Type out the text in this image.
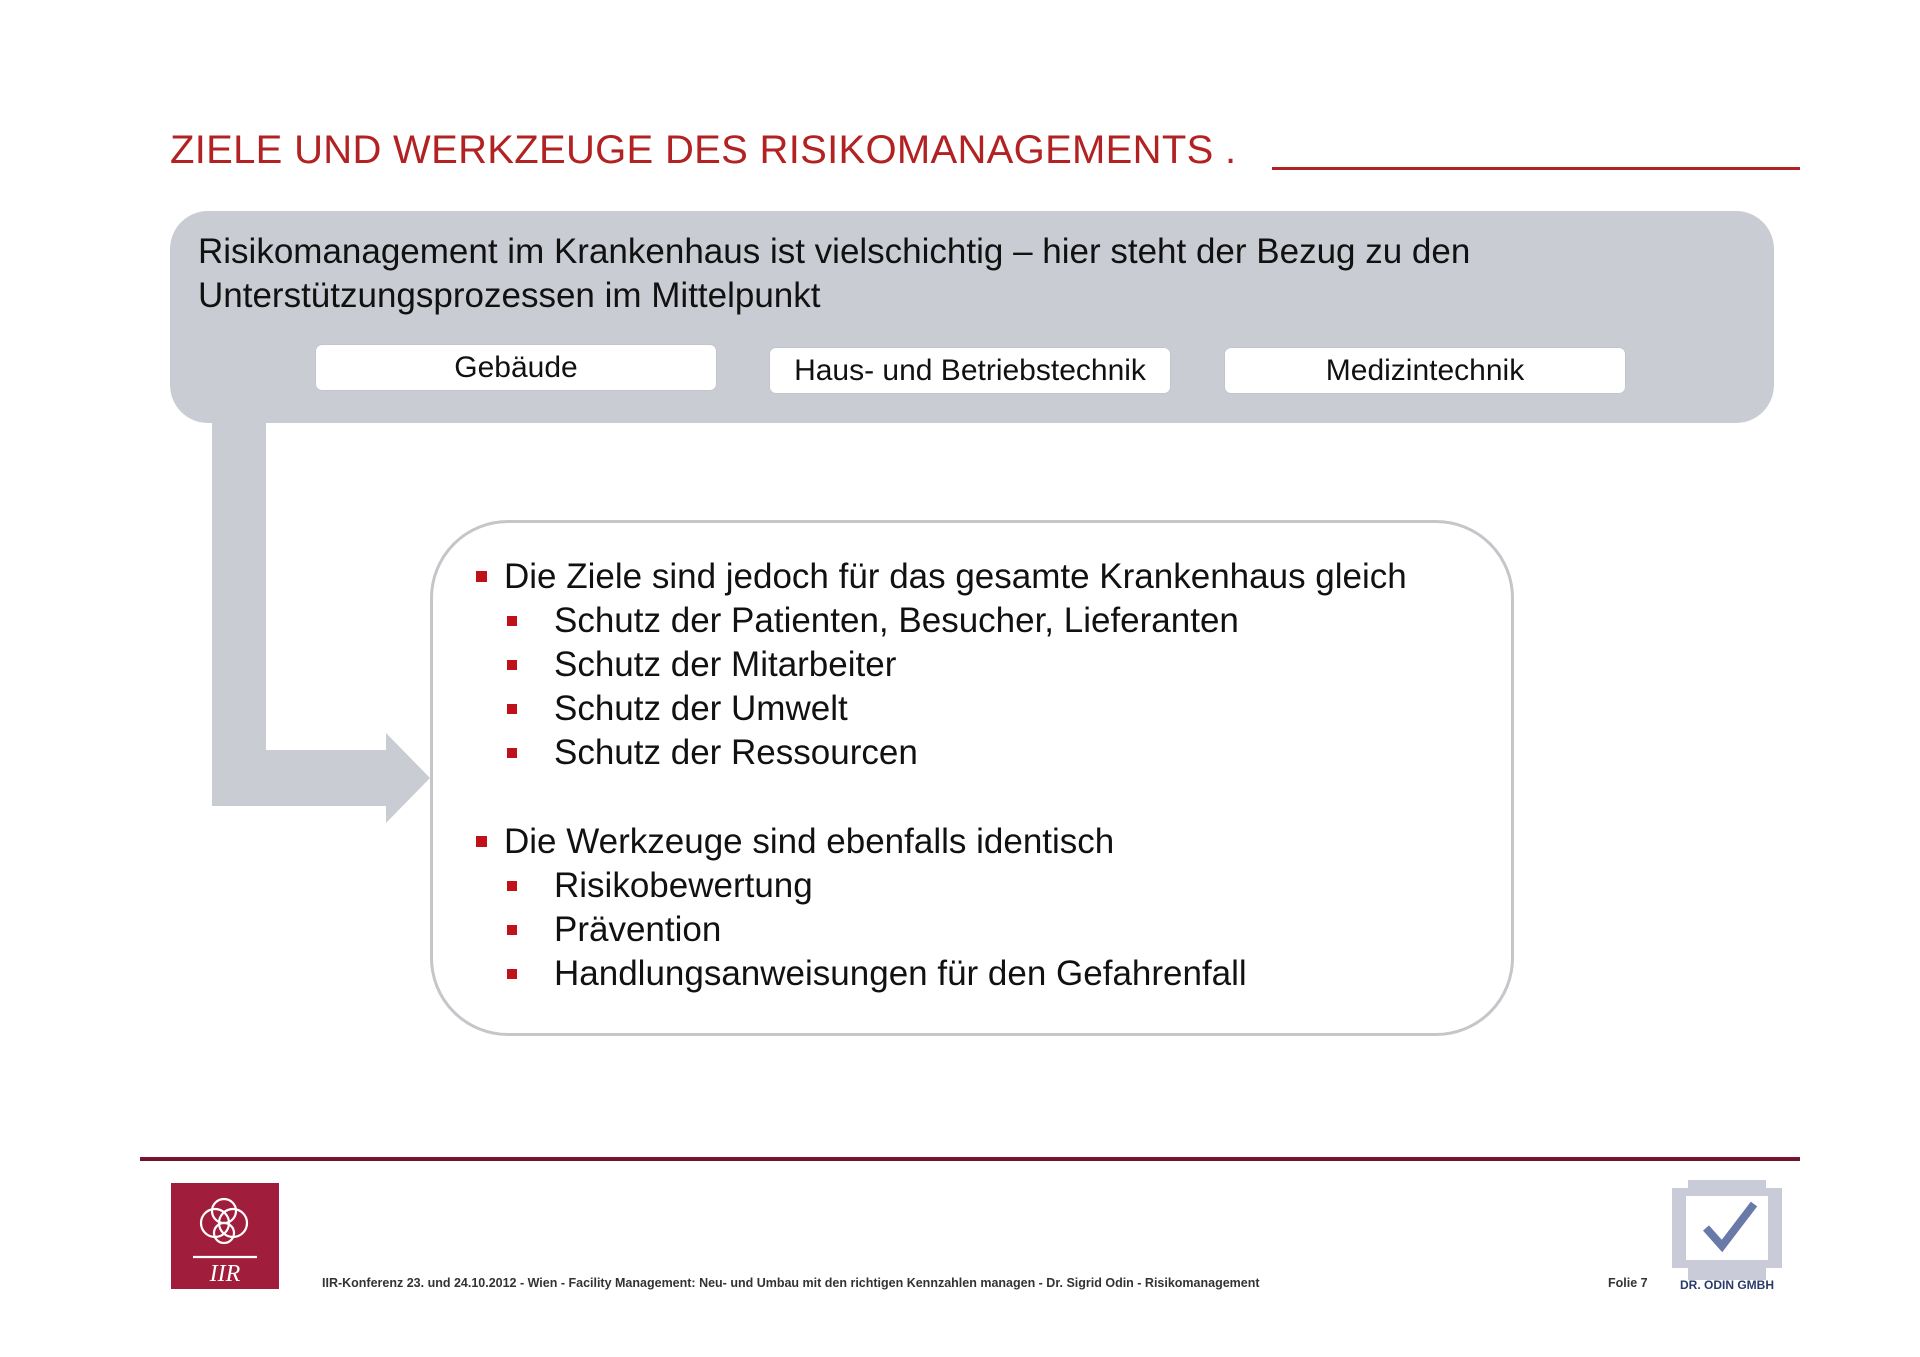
ZIELE UND WERKZEUGE DES RISIKOMANAGEMENTS .
Risikomanagement im Krankenhaus ist vielschichtig – hier steht der Bezug zu den
Unterstützungsprozessen im Mittelpunkt
Gebäude	Haus- und Betriebstechnik	Medizintechnik
Die Ziele sind jedoch für das gesamte Krankenhaus gleich
Schutz der Patienten, Besucher, Lieferanten
Schutz der Mitarbeiter
Schutz der Umwelt
Schutz der Ressourcen
Die Werkzeuge sind ebenfalls identisch
Risikobewertung
Prävention
Handlungsanweisungen für den Gefahrenfall
IIR	IIR-Konferenz 23. und 24.10.2012 - Wien - Facility Management: Neu- und Umbau mit den richtigen Kennzahlen managen - Dr. Sigrid Odin - Risikomanagement	Folie 7	DR. ODIN GMBH
